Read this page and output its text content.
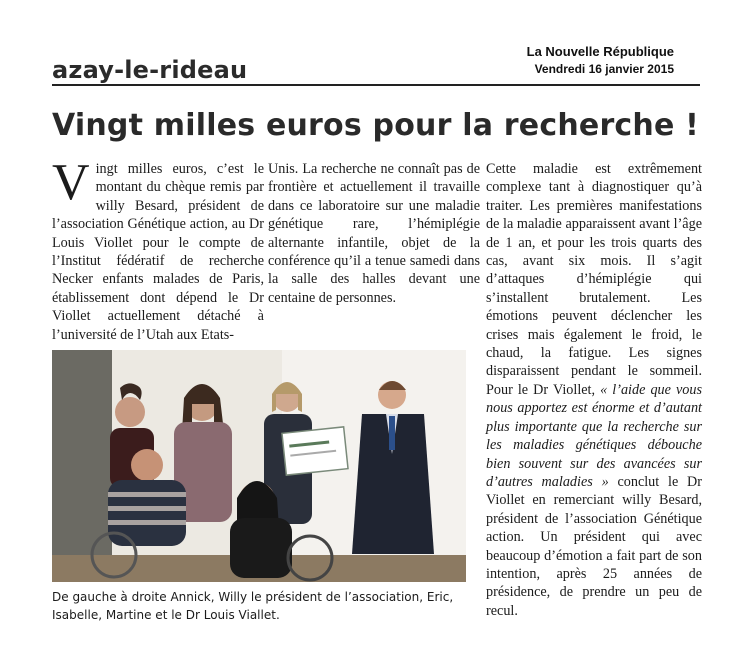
azay-le-rideau
La Nouvelle République
Vendredi 16 janvier 2015
Vingt milles euros pour la recherche !
Vingt milles euros, c’est le montant du chèque remis par willy Besard, président de l’association Génétique action, au Dr Louis Viollet pour le compte de l’Institut fédératif de recherche Necker enfants malades de Paris, établissement dont dépend le Dr Viollet actuellement détaché à l’université de l’Utah aux Etats-
Unis. La recherche ne connaît pas de frontière et actuellement il travaille dans ce laboratoire sur une maladie génétique rare, l’hémiplégie alternante infantile, objet de la conférence qu’il a tenue samedi dans la salle des halles devant une centaine de personnes.
Cette maladie est extrêmement complexe tant à diagnostiquer qu’à traiter. Les premières manifestations de la maladie apparaissent avant l’âge de 1 an, et pour les trois quarts des cas, avant six mois. Il s’agit d’attaques d’hémiplégie qui s’installent brutalement. Les émotions peuvent déclencher les crises mais également le froid, le chaud, la fatigue. Les signes disparaissent pendant le sommeil. Pour le Dr Viollet, « l’aide que vous nous apportez est énorme et d’autant plus importante que la recherche sur les maladies génétiques débouche bien souvent sur des avancées sur d’autres maladies » conclut le Dr Viollet en remerciant willy Besard, président de l’association Génétique action. Un président qui avec beaucoup d’émotion a fait part de son intention, après 25 années de présidence, de prendre un peu de recul.
De gauche à droite Annick, Willy le président de l’association, Eric, Isabelle, Martine et le Dr Louis Viallet.
